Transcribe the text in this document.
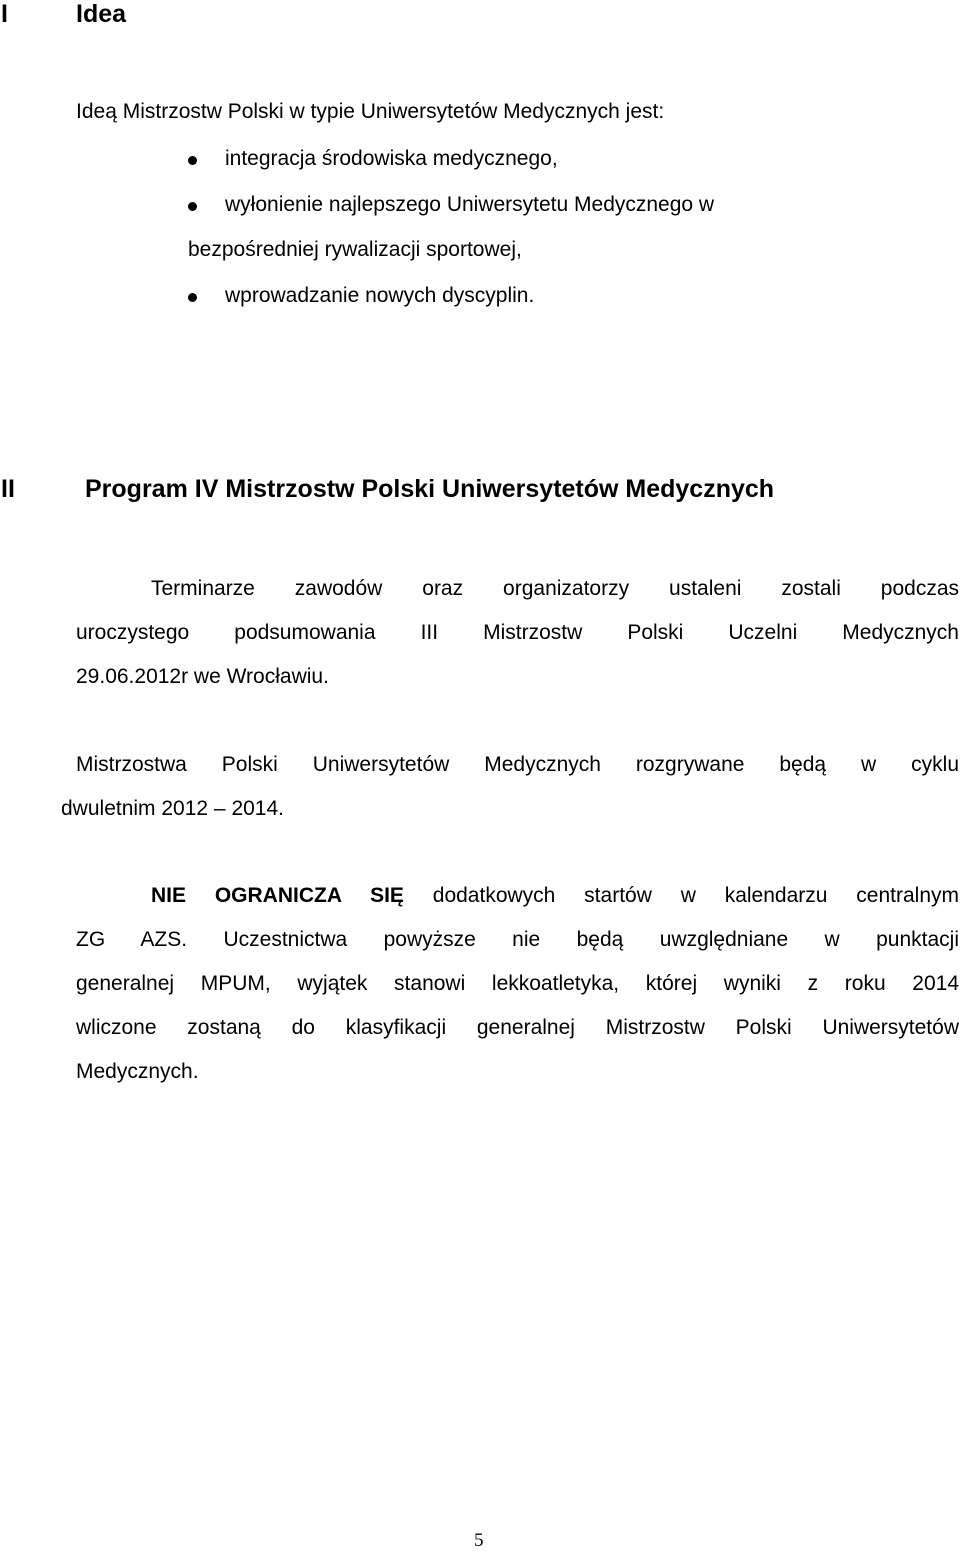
I	Idea
Ideą Mistrzostw Polski w typie Uniwersytetów Medycznych jest:
integracja środowiska medycznego,
wyłonienie najlepszego Uniwersytetu Medycznego w
bezpośredniej rywalizacji sportowej,
wprowadzanie nowych dyscyplin.
II	Program IV Mistrzostw Polski Uniwersytetów Medycznych
Terminarze zawodów oraz organizatorzy ustaleni zostali podczas
uroczystego podsumowania III Mistrzostw Polski Uczelni Medycznych
29.06.2012r we Wrocławiu.
Mistrzostwa Polski Uniwersytetów Medycznych rozgrywane będą w cyklu
dwuletnim 2012 – 2014.
NIE OGRANICZA SIĘ dodatkowych startów w kalendarzu centralnym
ZG AZS. Uczestnictwa powyższe nie będą uwzględniane w punktacji
generalnej MPUM, wyjątek stanowi lekkoatletyka, której wyniki z roku 2014
wliczone zostaną do klasyfikacji generalnej Mistrzostw Polski Uniwersytetów
Medycznych.
5
